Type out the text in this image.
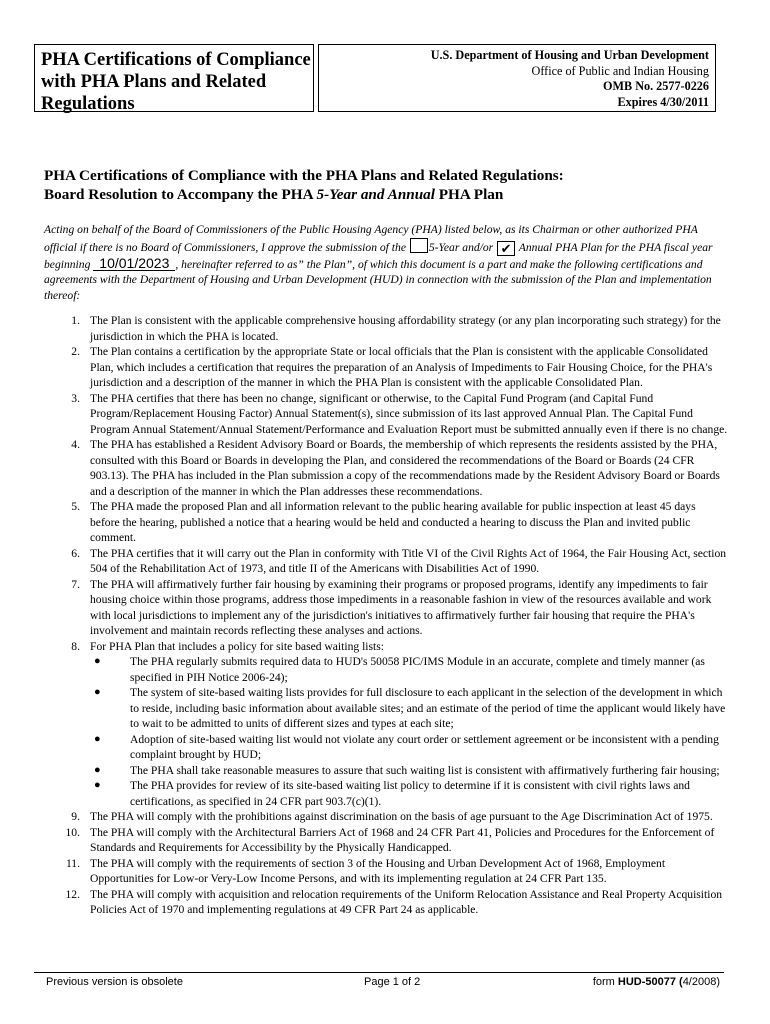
PHA Certifications of Compliance with PHA Plans and Related Regulations
U.S. Department of Housing and Urban Development
Office of Public and Indian Housing
OMB No. 2577-0226
Expires 4/30/2011
PHA Certifications of Compliance with the PHA Plans and Related Regulations:
Board Resolution to Accompany the PHA 5-Year and Annual PHA Plan
Acting on behalf of the Board of Commissioners of the Public Housing Agency (PHA) listed below, as its Chairman or other authorized PHA official if there is no Board of Commissioners, I approve the submission of the 5-Year and/or ✔ Annual PHA Plan for the PHA fiscal year beginning 10/01/2023 , hereinafter referred to as” the Plan”, of which this document is a part and make the following certifications and agreements with the Department of Housing and Urban Development (HUD) in connection with the submission of the Plan and implementation thereof:
1. The Plan is consistent with the applicable comprehensive housing affordability strategy (or any plan incorporating such strategy) for the jurisdiction in which the PHA is located.
2. The Plan contains a certification by the appropriate State or local officials that the Plan is consistent with the applicable Consolidated Plan, which includes a certification that requires the preparation of an Analysis of Impediments to Fair Housing Choice, for the PHA's jurisdiction and a description of the manner in which the PHA Plan is consistent with the applicable Consolidated Plan.
3. The PHA certifies that there has been no change, significant or otherwise, to the Capital Fund Program (and Capital Fund Program/Replacement Housing Factor) Annual Statement(s), since submission of its last approved Annual Plan. The Capital Fund Program Annual Statement/Annual Statement/Performance and Evaluation Report must be submitted annually even if there is no change.
4. The PHA has established a Resident Advisory Board or Boards, the membership of which represents the residents assisted by the PHA, consulted with this Board or Boards in developing the Plan, and considered the recommendations of the Board or Boards (24 CFR 903.13). The PHA has included in the Plan submission a copy of the recommendations made by the Resident Advisory Board or Boards and a description of the manner in which the Plan addresses these recommendations.
5. The PHA made the proposed Plan and all information relevant to the public hearing available for public inspection at least 45 days before the hearing, published a notice that a hearing would be held and conducted a hearing to discuss the Plan and invited public comment.
6. The PHA certifies that it will carry out the Plan in conformity with Title VI of the Civil Rights Act of 1964, the Fair Housing Act, section 504 of the Rehabilitation Act of 1973, and title II of the Americans with Disabilities Act of 1990.
7. The PHA will affirmatively further fair housing by examining their programs or proposed programs, identify any impediments to fair housing choice within those programs, address those impediments in a reasonable fashion in view of the resources available and work with local jurisdictions to implement any of the jurisdiction's initiatives to affirmatively further fair housing that require the PHA's involvement and maintain records reflecting these analyses and actions.
8. For PHA Plan that includes a policy for site based waiting lists:
●	The PHA regularly submits required data to HUD's 50058 PIC/IMS Module in an accurate, complete and timely manner (as specified in PIH Notice 2006-24);
●	The system of site-based waiting lists provides for full disclosure to each applicant in the selection of the development in which to reside, including basic information about available sites; and an estimate of the period of time the applicant would likely have to wait to be admitted to units of different sizes and types at each site;
●	Adoption of site-based waiting list would not violate any court order or settlement agreement or be inconsistent with a pending complaint brought by HUD;
●	The PHA shall take reasonable measures to assure that such waiting list is consistent with affirmatively furthering fair housing;
●	The PHA provides for review of its site-based waiting list policy to determine if it is consistent with civil rights laws and certifications, as specified in 24 CFR part 903.7(c)(1).
9. The PHA will comply with the prohibitions against discrimination on the basis of age pursuant to the Age Discrimination Act of 1975.
10. The PHA will comply with the Architectural Barriers Act of 1968 and 24 CFR Part 41, Policies and Procedures for the Enforcement of Standards and Requirements for Accessibility by the Physically Handicapped.
11. The PHA will comply with the requirements of section 3 of the Housing and Urban Development Act of 1968, Employment Opportunities for Low-or Very-Low Income Persons, and with its implementing regulation at 24 CFR Part 135.
12. The PHA will comply with acquisition and relocation requirements of the Uniform Relocation Assistance and Real Property Acquisition Policies Act of 1970 and implementing regulations at 49 CFR Part 24 as applicable.
Previous version is obsolete	Page 1 of 2	form HUD-50077 (4/2008)
